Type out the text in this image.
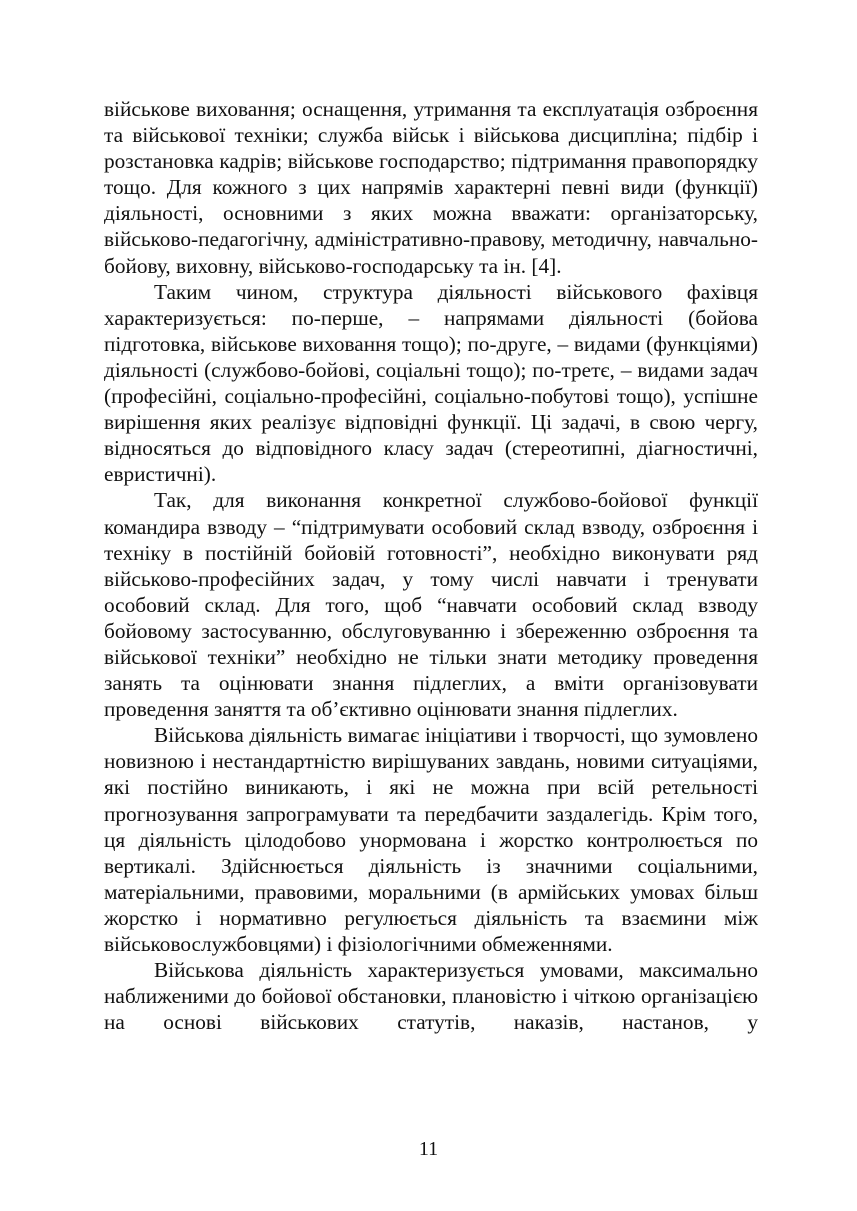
військове виховання; оснащення, утримання та експлуатація озброєння та військової техніки; служба військ і військова дисципліна; підбір і розстановка кадрів; військове господарство; підтримання правопорядку тощо. Для кожного з цих напрямів характерні певні види (функції) діяльності, основними з яких можна вважати: організаторську, військово-педагогічну, адміністративно-правову, методичну, навчально-бойову, виховну, військово-господарську та ін. [4].

Таким чином, структура діяльності військового фахівця характеризується: по-перше, – напрямами діяльності (бойова підготовка, військове виховання тощо); по-друге, – видами (функціями) діяльності (службово-бойові, соціальні тощо); по-третє, – видами задач (професійні, соціально-професійні, соціально-побутові тощо), успішне вирішення яких реалізує відповідні функції. Ці задачі, в свою чергу, відносяться до відповідного класу задач (стереотипні, діагностичні, евристичні).

Так, для виконання конкретної службово-бойової функції командира взводу – “підтримувати особовий склад взводу, озброєння і техніку в постійній бойовій готовності”, необхідно виконувати ряд військово-професійних задач, у тому числі навчати і тренувати особовий склад. Для того, щоб “навчати особовий склад взводу бойовому застосуванню, обслуговуванню і збереженню озброєння та військової техніки” необхідно не тільки знати методику проведення занять та оцінювати знання підлеглих, а вміти організовувати проведення заняття та об’єктивно оцінювати знання підлеглих.

Військова діяльність вимагає ініціативи і творчості, що зумовлено новизною і нестандартністю вирішуваних завдань, новими ситуаціями, які постійно виникають, і які не можна при всій ретельності прогнозування запрограмувати та передбачити заздалегідь. Крім того, ця діяльність цілодобово унормована і жорстко контролюється по вертикалі. Здійснюється діяльність із значними соціальними, матеріальними, правовими, моральними (в армійських умовах більш жорстко і нормативно регулюється діяльність та взаємини між військовослужбовцями) і фізіологічними обмеженнями.

Військова діяльність характеризується умовами, максимально наближеними до бойової обстановки, плановістю і чіткою організацією на основі військових статутів, наказів, настанов, у

11
